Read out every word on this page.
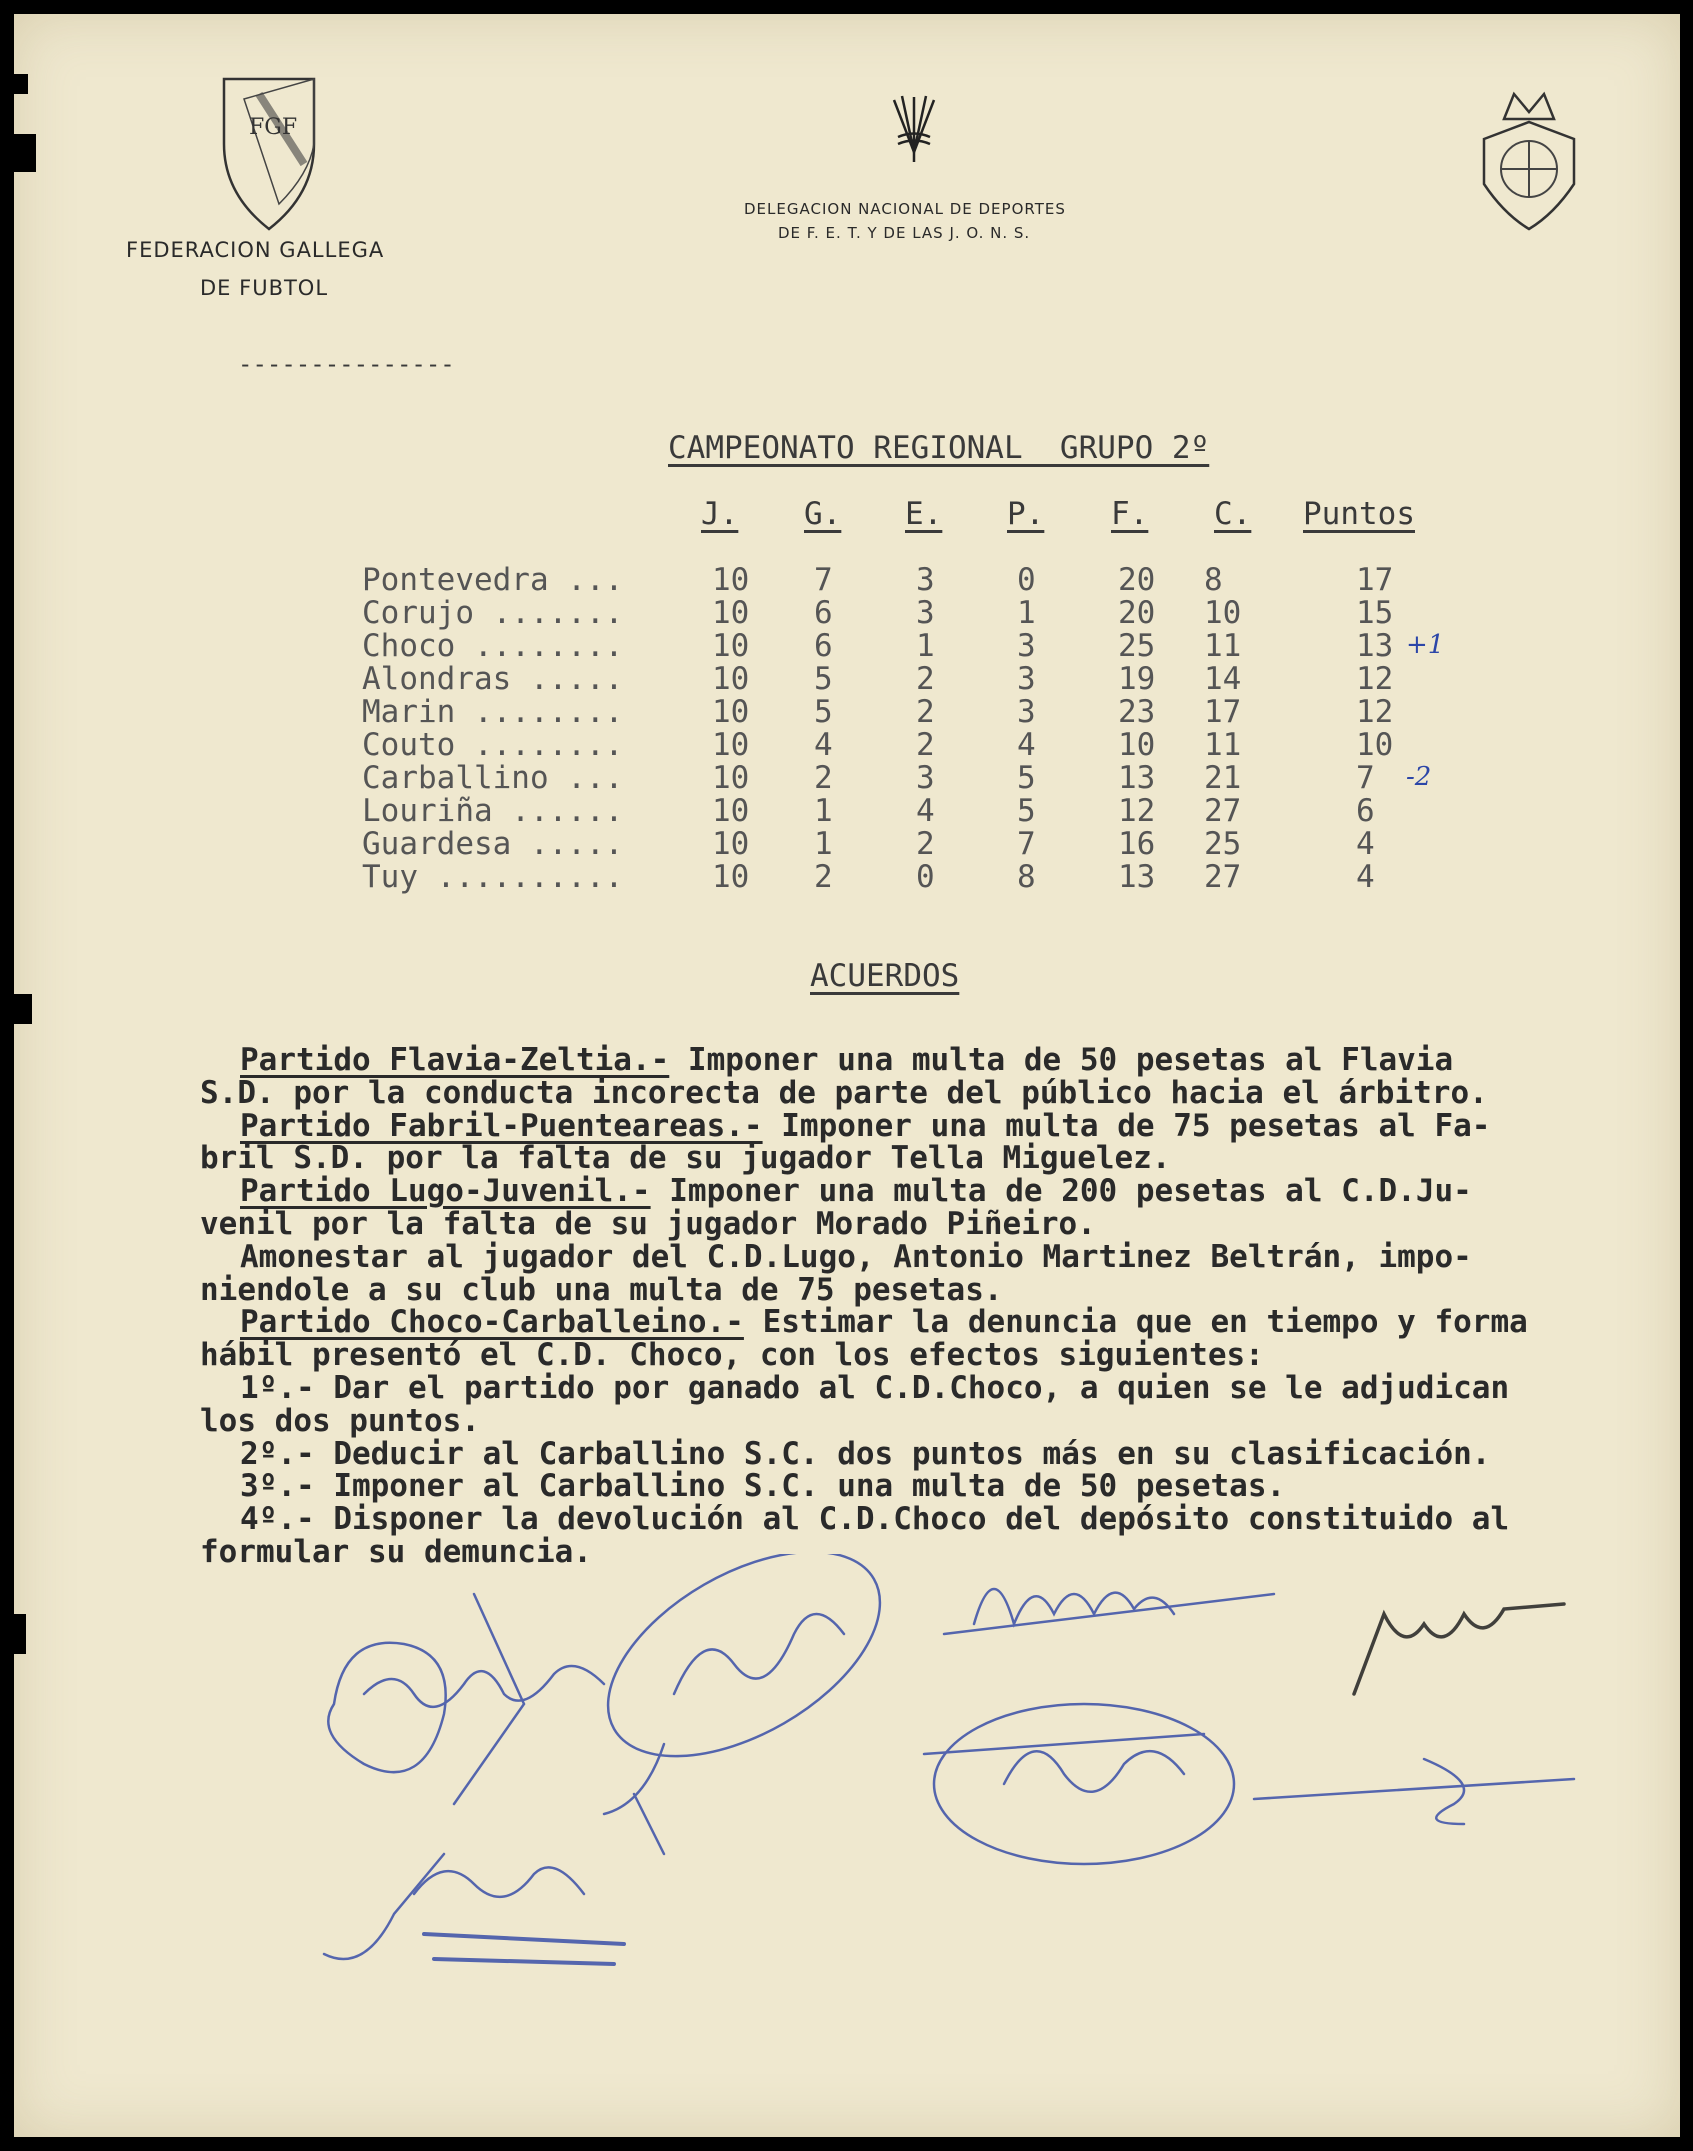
FGF
FEDERACION GALLEGA
DE FUBTOL
DELEGACION NACIONAL DE DEPORTES
DE F. E. T. Y DE LAS J. O. N. S.
---------------
CAMPEONATO REGIONAL  GRUPO 2º
J. G. E. P. F. C. Puntos
Pontevedra ...	10 7	3	0	20 8	17
Corujo .......	10 6	3	1	20 10	15
Choco ........	10 6	1	3	25 11	13 +1
Alondras .....	10 5	2	3	19 14	12
Marin ........	10 5	2	3	23 17	12
Couto ........	10 4	2	4	10 11	10
Carballino ...	10 2	3	5	13 21	7 -2
Louriña ......	10 1	4	5	12 27	6
Guardesa .....	10 1	2	7	16 25	4
Tuy ..........	10 2	0	8	13 27	4
ACUERDOS
Partido Flavia-Zeltia.- Imponer una multa de 50 pesetas al Flavia
S.D. por la conducta incorecta de parte del público hacia el árbitro.
Partido Fabril-Puenteareas.- Imponer una multa de 75 pesetas al Fa-
bril S.D. por la falta de su jugador Tella Miguelez.
Partido Lugo-Juvenil.- Imponer una multa de 200 pesetas al C.D.Ju-
venil por la falta de su jugador Morado Piñeiro.
Amonestar al jugador del C.D.Lugo, Antonio Martinez Beltrán, impo-
niendole a su club una multa de 75 pesetas.
Partido Choco-Carballeino.- Estimar la denuncia que en tiempo y forma
hábil presentó el C.D. Choco, con los efectos siguientes:
1º.- Dar el partido por ganado al C.D.Choco, a quien se le adjudican
los dos puntos.
2º.- Deducir al Carballino S.C. dos puntos más en su clasificación.
3º.- Imponer al Carballino S.C. una multa de 50 pesetas.
4º.- Disponer la devolución al C.D.Choco del depósito constituido al
formular su demuncia.
